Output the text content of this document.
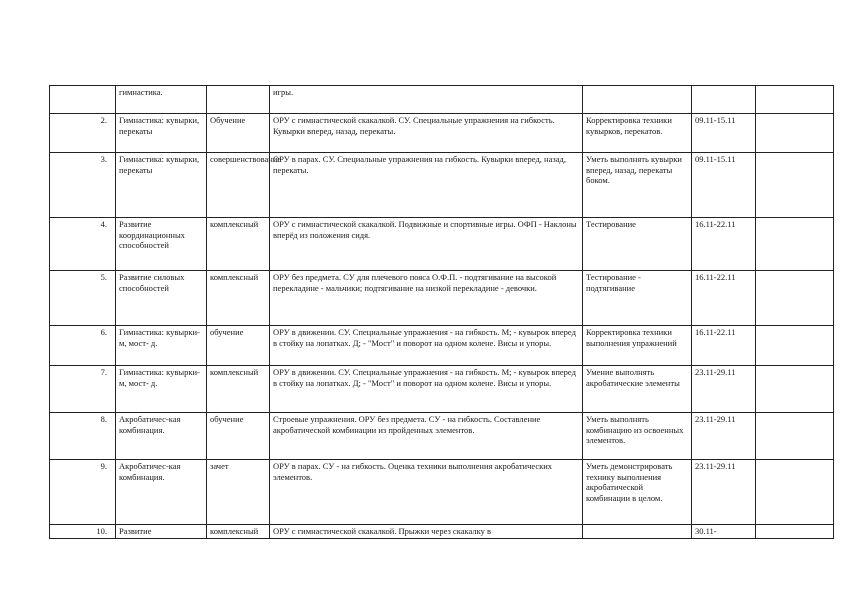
	гимнастика.		игры.			
2.	Гимнастика: кувырки, перекаты	Обучение	ОРУ с гимнастической скакалкой. СУ. Специальные упражнения на гибкость. Кувырки вперед, назад, перекаты.	Корректировка техники кувырков, перекатов.	09.11-15.11	
3.	Гимнастика: кувырки, перекаты	совершенствование	ОРУ в парах. СУ. Специальные упражнения на гибкость. Кувырки вперед, назад, перекаты.	Уметь выполнять кувырки вперед, назад, перекаты боком.	09.11-15.11	
4.	Развитие координационных способностей	комплексный	ОРУ с гимнастической скакалкой. Подвижные и спортивные игры. ОФП - Наклоны вперёд из положения сидя.	Тестирование	16.11-22.11	
5.	Развитие силовых способностей	комплексный	ОРУ без предмета. СУ для плечевого пояса О.Ф.П. - подтягивание на высокой перекладине - мальчики; подтягивание на низкой перекладине - девочки.	Тестирование - подтягивание	16.11-22.11	
6.	Гимнастика: кувырки-м, мост- д.	обучение	ОРУ в движении. СУ. Специальные упражнения - на гибкость. М; - кувырок вперед в стойку на лопатках. Д; - "Мост" и поворот на одном колене. Висы и упоры.	Корректировка техники выполнения упражнений	16.11-22.11	
7.	Гимнастика: кувырки-м, мост- д.	комплексный	ОРУ в движении. СУ. Специальные упражнения - на гибкость. М; - кувырок вперед в стойку на лопатках. Д; - "Мост" и поворот на одном колене. Висы и упоры.	Умение выполнять акробатические элементы	23.11-29.11	
8.	Акробатичес-кая комбинация.	обучение	Строевые упражнения. ОРУ без предмета. СУ - на гибкость. Составление акробатической комбинации из пройденных элементов.	Уметь выполнять комбинацию из освоенных элементов.	23.11-29.11	
9.	Акробатичес-кая комбинация.	зачет	ОРУ в парах. СУ - на гибкость. Оценка техники выполнения акробатических элементов.	Уметь демонстрировать технику выполнения акробатической комбинации в целом.	23.11-29.11	
10.	Развитие	комплексный	ОРУ с гимнастической скакалкой. Прыжки через скакалку в		30.11-	
